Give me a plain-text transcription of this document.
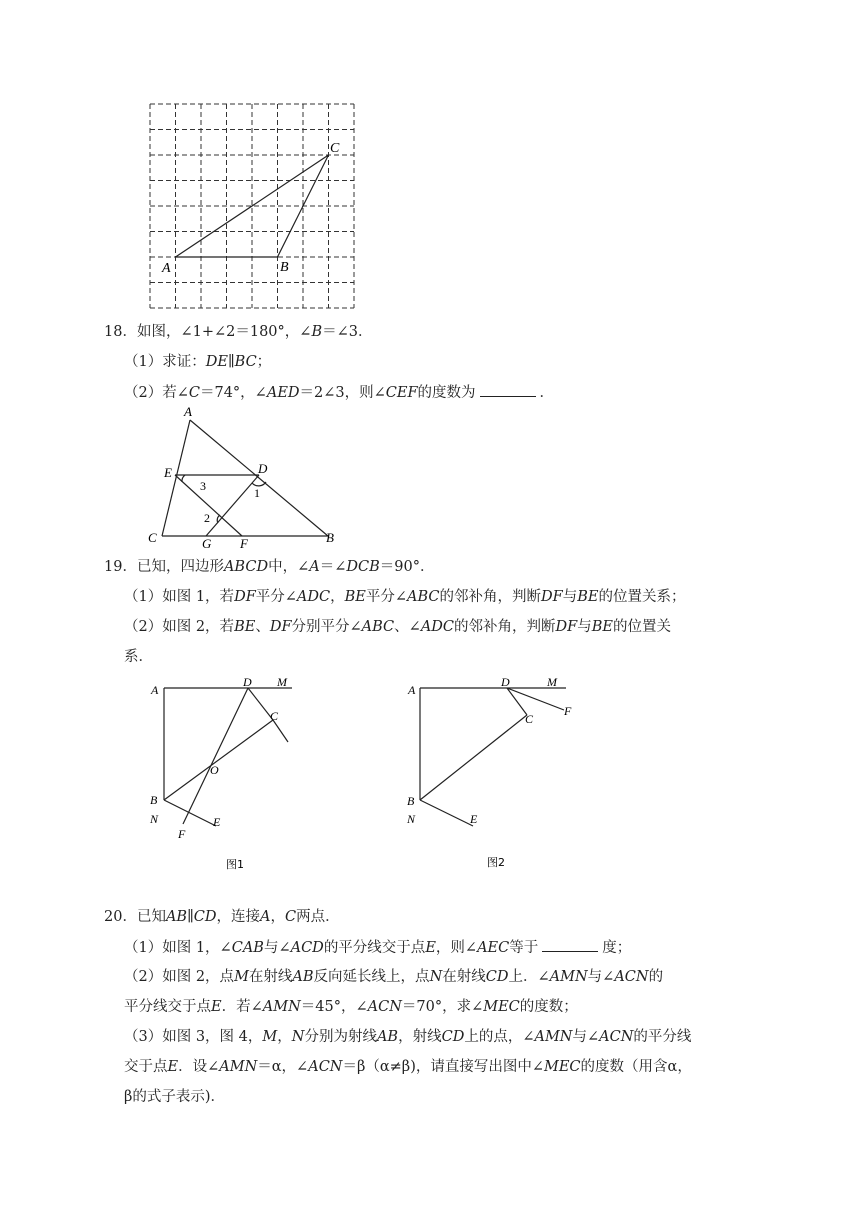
A	B
C
18．如图，∠1+∠2＝180°，∠B＝∠3．
（1）求证：DE∥BC；
（2）若∠C＝74°，∠AED＝2∠3，则∠CEF的度数为	．
A
E	D
C	G F	B
1
2
3
19．已知，四边形ABCD中，∠A＝∠DCB＝90°．
（1）如图 1，若DF平分∠ADC，BE平分∠ABC的邻补角，判断DF与BE的位置关系；
（2）如图 2，若BE、DF分别平分∠ABC、∠ADC的邻补角，判断DF与BE的位置关
系．
A
D M
C
O
B
N
F
E
图1
A
D	M
F
C
B
N	E
图2
20．已知AB∥CD，连接A，C两点．
（1）如图 1，∠CAB与∠ACD的平分线交于点E，则∠AEC等于	度；
（2）如图 2，点M在射线AB反向延长线上，点N在射线CD上．∠AMN与∠ACN的
平分线交于点E．若∠AMN＝45°，∠ACN＝70°，求∠MEC的度数；
（3）如图 3，图 4，M，N分别为射线AB，射线CD上的点，∠AMN与∠ACN的平分线
交于点E．设∠AMN＝α，∠ACN＝β（α≠β)，请直接写出图中∠MEC的度数（用含α，
β的式子表示)．
